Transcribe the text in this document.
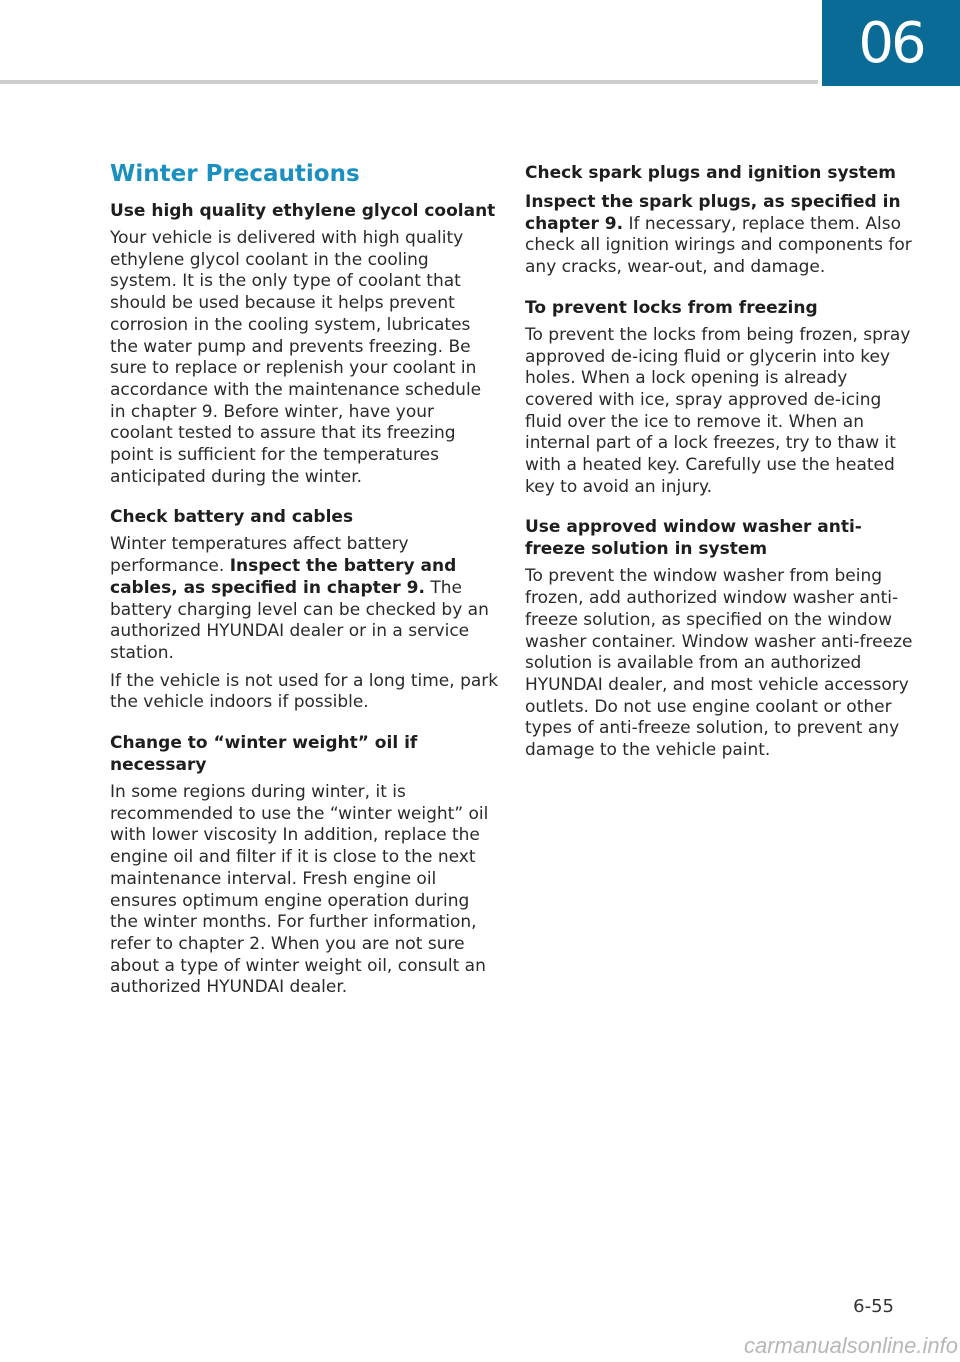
06
Winter Precautions
Use high quality ethylene glycol coolant

Your vehicle is delivered with high quality ethylene glycol coolant in the cooling system. It is the only type of coolant that should be used because it helps prevent corrosion in the cooling system, lubricates the water pump and prevents freezing. Be sure to replace or replenish your coolant in accordance with the maintenance schedule in chapter 9. Before winter, have your coolant tested to assure that its freezing point is sufficient for the temperatures anticipated during the winter.

Check battery and cables

Winter temperatures affect battery performance. Inspect the battery and cables, as specified in chapter 9. The battery charging level can be checked by an authorized HYUNDAI dealer or in a service station.

If the vehicle is not used for a long time, park the vehicle indoors if possible.

Change to “winter weight” oil if necessary

In some regions during winter, it is recommended to use the “winter weight” oil with lower viscosity In addition, replace the engine oil and filter if it is close to the next maintenance interval. Fresh engine oil ensures optimum engine operation during the winter months. For further information, refer to chapter 2. When you are not sure about a type of winter weight oil, consult an authorized HYUNDAI dealer.

Check spark plugs and ignition system

Inspect the spark plugs, as specified in chapter 9. If necessary, replace them. Also check all ignition wirings and components for any cracks, wear-out, and damage.

To prevent locks from freezing

To prevent the locks from being frozen, spray approved de-icing fluid or glycerin into key holes. When a lock opening is already covered with ice, spray approved de-icing fluid over the ice to remove it. When an internal part of a lock freezes, try to thaw it with a heated key. Carefully use the heated key to avoid an injury.

Use approved window washer anti-freeze solution in system

To prevent the window washer from being frozen, add authorized window washer anti-freeze solution, as specified on the window washer container. Window washer anti-freeze solution is available from an authorized HYUNDAI dealer, and most vehicle accessory outlets. Do not use engine coolant or other types of anti-freeze solution, to prevent any damage to the vehicle paint.

6-55
carmanualsonline.info
